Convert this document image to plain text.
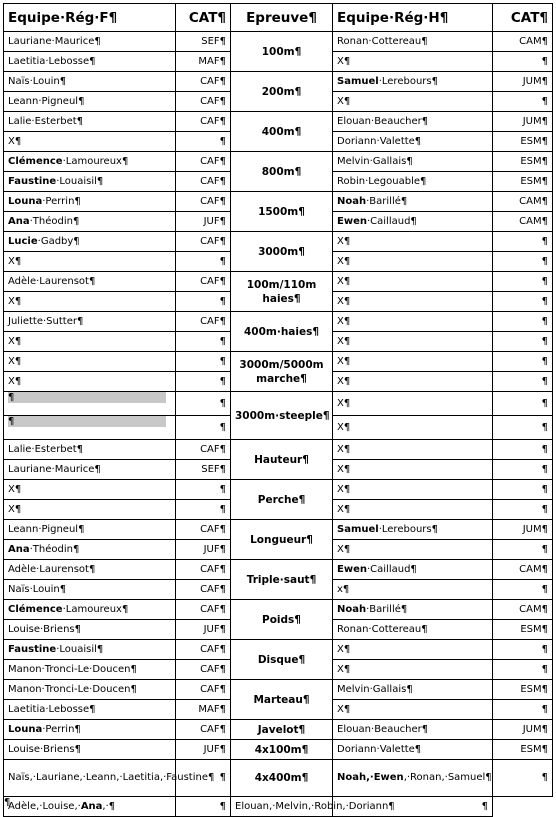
Equipe·Rég·F¶	CAT¶	Epreuve¶	Equipe·Rég·H¶	CAT¶
Lauriane·Maurice¶	SEF¶	100m¶	Ronan·Cottereau¶	CAM¶
Laetitia·Lebosse¶	MAF¶		X¶	¶
Naïs·Louin¶	CAF¶	200m¶	Samuel·Lerebours¶	JUM¶
Leann·Pigneul¶	CAF¶		X¶	¶
Lalie·Esterbet¶	CAF¶	400m¶	Elouan·Beaucher¶	JUM¶
X¶	¶		Doriann·Valette¶	ESM¶
Clémence·Lamoureux¶	CAF¶	800m¶	Melvin·Gallais¶	ESM¶
Faustine·Louaisil¶	CAF¶		Robin·Legouable¶	ESM¶
Louna·Perrin¶	CAF¶	1500m¶	Noah·Barillé¶	CAM¶
Ana·Théodin¶	JUF¶		Ewen·Caillaud¶	CAM¶
Lucie·Gadby¶	CAF¶	3000m¶	X¶	¶
X¶	¶		X¶	¶
Adèle·Laurensot¶	CAF¶	100m/110m haies¶	X¶	¶
X¶	¶		X¶	¶
Juliette·Sutter¶	CAF¶	400m·haies¶	X¶	¶
X¶	¶		X¶	¶
X¶	¶	3000m/5000m marche¶	X¶	¶
X¶	¶		X¶	¶

¶	¶	3000m·steeple¶	X¶	¶

¶	¶		X¶	¶
Lalie·Esterbet¶	CAF¶	Hauteur¶	X¶	¶
Lauriane·Maurice¶	SEF¶		X¶	¶
X¶	¶	Perche¶	X¶	¶
X¶	¶		X¶	¶
Leann·Pigneul¶	CAF¶	Longueur¶	Samuel·Lerebours¶	JUM¶
Ana·Théodin¶	JUF¶		X¶	¶
Adèle·Laurensot¶	CAF¶	Triple·saut¶	Ewen·Caillaud¶	CAM¶
Naïs·Louin¶	CAF¶		x¶	¶
Clémence·Lamoureux¶	CAF¶	Poids¶	Noah·Barillé¶	CAM¶
Louise·Briens¶	JUF¶		Ronan·Cottereau¶	ESM¶
Faustine·Louaisil¶	CAF¶	Disque¶	X¶	¶
Manon·Tronci-Le·Doucen¶	CAF¶		X¶	¶
Manon·Tronci-Le·Doucen¶	CAF¶	Marteau¶	Melvin·Gallais¶	ESM¶
Laetitia·Lebosse¶	MAF¶		X¶	¶
Louna·Perrin¶	CAF¶	Javelot¶	Elouan·Beaucher¶	JUM¶
Louise·Briens¶	JUF¶	4x100m¶	Doriann·Valette¶	ESM¶
Naïs,·Lauriane,·Leann,·Laetitia,·Faustine¶	¶	4x400m¶	Noah,·Ewen,·Ronan,·Samuel¶	¶
Adèle,·Louise,·Ana,·¶	¶	Elouan,·Melvin,·Robin,·Doriann¶	¶	
¶
